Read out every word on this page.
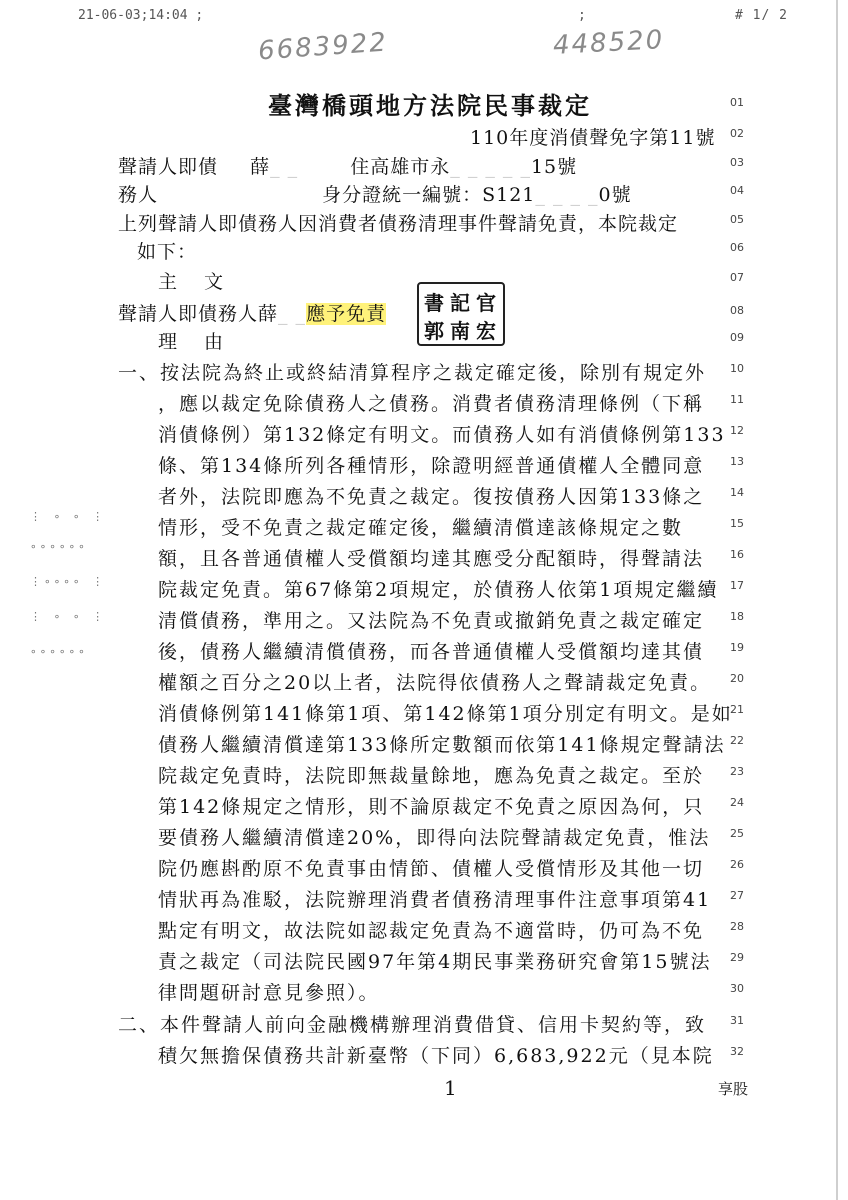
21-06-03;14:04 ;	;	# 1/ 2
6683922	448520
臺灣橋頭地方法院民事裁定
110年度消債聲免字第11號
聲請人即債 薛_ _	住高雄市永_ _ _ _ _15號
務人	身分證統一編號：S121_ _ _ _0號
上列聲請人即債務人因消費者債務清理事件聲請免責，本院裁定
如下：
主　文
聲請人即債務人薛_ _應予免責 書 記 官
郭 南 宏
理　由
一、按法院為終止或終結清算程序之裁定確定後，除別有規定外
，應以裁定免除債務人之債務。消費者債務清理條例（下稱
消債條例）第132條定有明文。而債務人如有消債條例第133
條、第134條所列各種情形，除證明經普通債權人全體同意
者外，法院即應為不免責之裁定。復按債務人因第133條之
情形，受不免責之裁定確定後，繼續清償達該條規定之數
額，且各普通債權人受償額均達其應受分配額時，得聲請法
院裁定免責。第67條第2項規定，於債務人依第1項規定繼續
清償債務，準用之。又法院為不免責或撤銷免責之裁定確定
後，債務人繼續清償債務，而各普通債權人受償額均達其債
權額之百分之20以上者，法院得依債務人之聲請裁定免責。
消債條例第141條第1項、第142條第1項分別定有明文。是如
債務人繼續清償達第133條所定數額而依第141條規定聲請法
院裁定免責時，法院即無裁量餘地，應為免責之裁定。至於
第142條規定之情形，則不論原裁定不免責之原因為何，只
要債務人繼續清償達20%，即得向法院聲請裁定免責，惟法
院仍應斟酌原不免責事由情節、債權人受償情形及其他一切
情狀再為准駁，法院辦理消費者債務清理事件注意事項第41
點定有明文，故法院如認裁定免責為不適當時，仍可為不免
責之裁定（司法院民國97年第4期民事業務研究會第15號法
律問題研討意見參照）。
二、本件聲請人前向金融機構辦理消費借貸、信用卡契約等，致
積欠無擔保債務共計新臺幣（下同）6,683,922元（見本院
01
02
03
04
05
06
07
08
09
10
11
12
13
14
15
16
17
18
19
20
21
22
23
24
25
26
27
28
29
30
31
32
⋮ ∘ ∘ ⋮
∘∘∘∘∘∘
⋮∘∘∘∘ ⋮
⋮ ∘ ∘ ⋮
∘∘∘∘∘∘
1	享股
